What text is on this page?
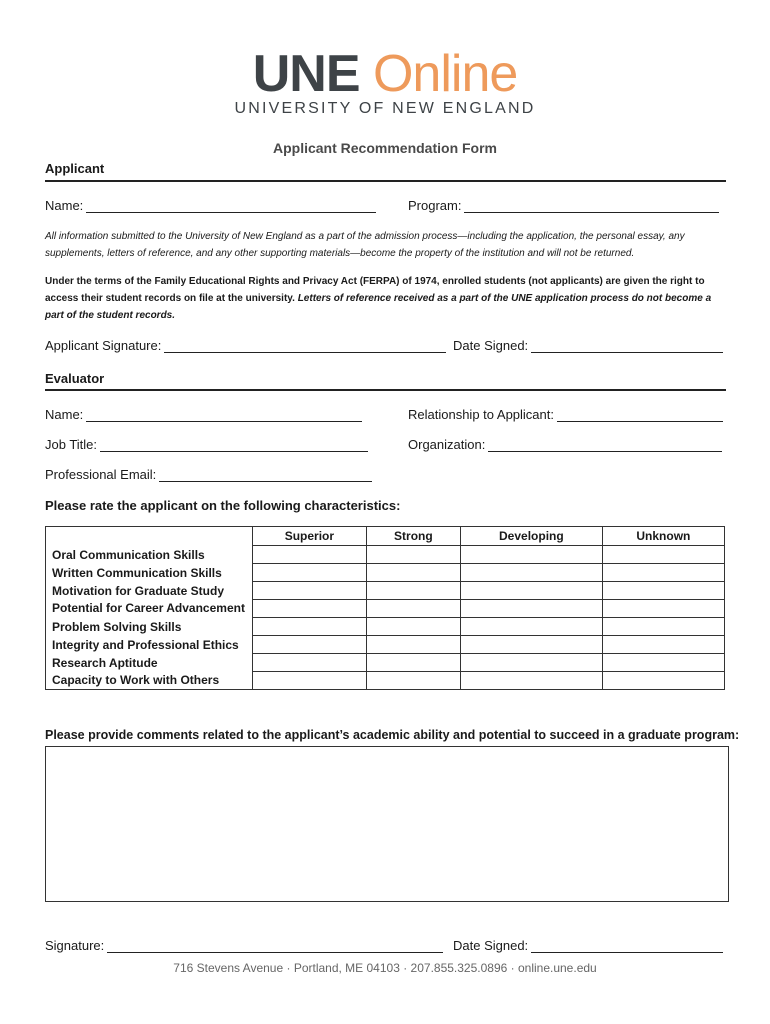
UNE Online
UNIVERSITY OF NEW ENGLAND
Applicant Recommendation Form
Applicant
Name:	Program:
All information submitted to the University of New England as a part of the admission process—including the application, the personal essay, any supplements, letters of reference, and any other supporting materials—become the property of the institution and will not be returned.
Under the terms of the Family Educational Rights and Privacy Act (FERPA) of 1974, enrolled students (not applicants) are given the right to access their student records on file at the university. Letters of reference received as a part of the UNE application process do not become a part of the student records.
Applicant Signature:	Date Signed:
Evaluator
Name:	Relationship to Applicant:
Job Title:	Organization:
Professional Email:
Please rate the applicant on the following characteristics:
	Superior	Strong	Developing	Unknown
Oral Communication Skills				
Written Communication Skills				
Motivation for Graduate Study				
Potential for Career Advancement				
Problem Solving Skills				
Integrity and Professional Ethics				
Research Aptitude				
Capacity to Work with Others				
Please provide comments related to the applicant’s academic ability and potential to succeed in a graduate program:
Signature:	Date Signed:
716 Stevens Avenue · Portland, ME 04103 · 207.855.325.0896 · online.une.edu
